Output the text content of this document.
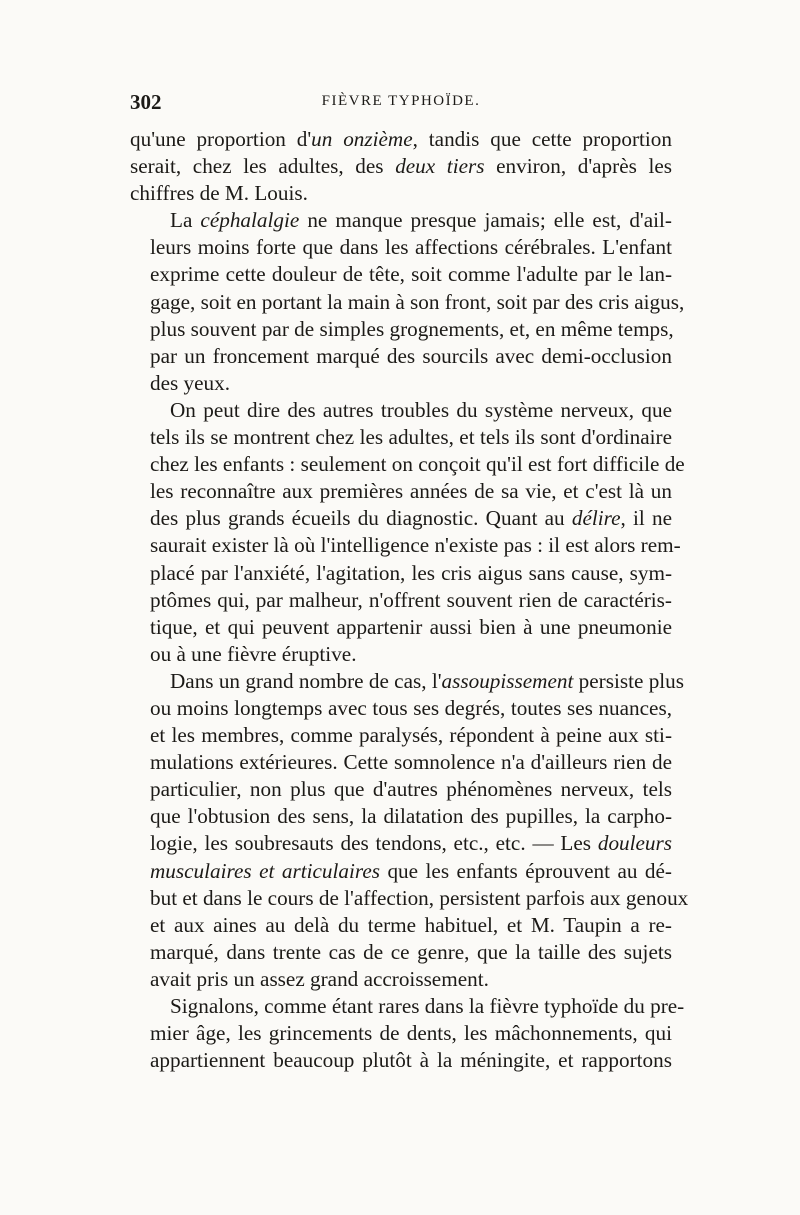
302	FIÈVRE TYPHOÏDE.
qu'une proportion d'un onzième, tandis que cette proportion
serait, chez les adultes, des deux tiers environ, d'après les
chiffres de M. Louis.
La céphalalgie ne manque presque jamais; elle est, d'ail-
leurs moins forte que dans les affections cérébrales. L'enfant
exprime cette douleur de tête, soit comme l'adulte par le lan-
gage, soit en portant la main à son front, soit par des cris aigus,
plus souvent par de simples grognements, et, en même temps,
par un froncement marqué des sourcils avec demi-occlusion
des yeux.
On peut dire des autres troubles du système nerveux, que
tels ils se montrent chez les adultes, et tels ils sont d'ordinaire
chez les enfants : seulement on conçoit qu'il est fort difficile de
les reconnaître aux premières années de sa vie, et c'est là un
des plus grands écueils du diagnostic. Quant au délire, il ne
saurait exister là où l'intelligence n'existe pas : il est alors rem-
placé par l'anxiété, l'agitation, les cris aigus sans cause, sym-
ptômes qui, par malheur, n'offrent souvent rien de caractéris-
tique, et qui peuvent appartenir aussi bien à une pneumonie
ou à une fièvre éruptive.
Dans un grand nombre de cas, l'assoupissement persiste plus
ou moins longtemps avec tous ses degrés, toutes ses nuances,
et les membres, comme paralysés, répondent à peine aux sti-
mulations extérieures. Cette somnolence n'a d'ailleurs rien de
particulier, non plus que d'autres phénomènes nerveux, tels
que l'obtusion des sens, la dilatation des pupilles, la carpho-
logie, les soubresauts des tendons, etc., etc. — Les douleurs
musculaires et articulaires que les enfants éprouvent au dé-
but et dans le cours de l'affection, persistent parfois aux genoux
et aux aines au delà du terme habituel, et M. Taupin a re-
marqué, dans trente cas de ce genre, que la taille des sujets
avait pris un assez grand accroissement.
Signalons, comme étant rares dans la fièvre typhoïde du pre-
mier âge, les grincements de dents, les mâchonnements, qui
appartiennent beaucoup plutôt à la méningite, et rapportons
